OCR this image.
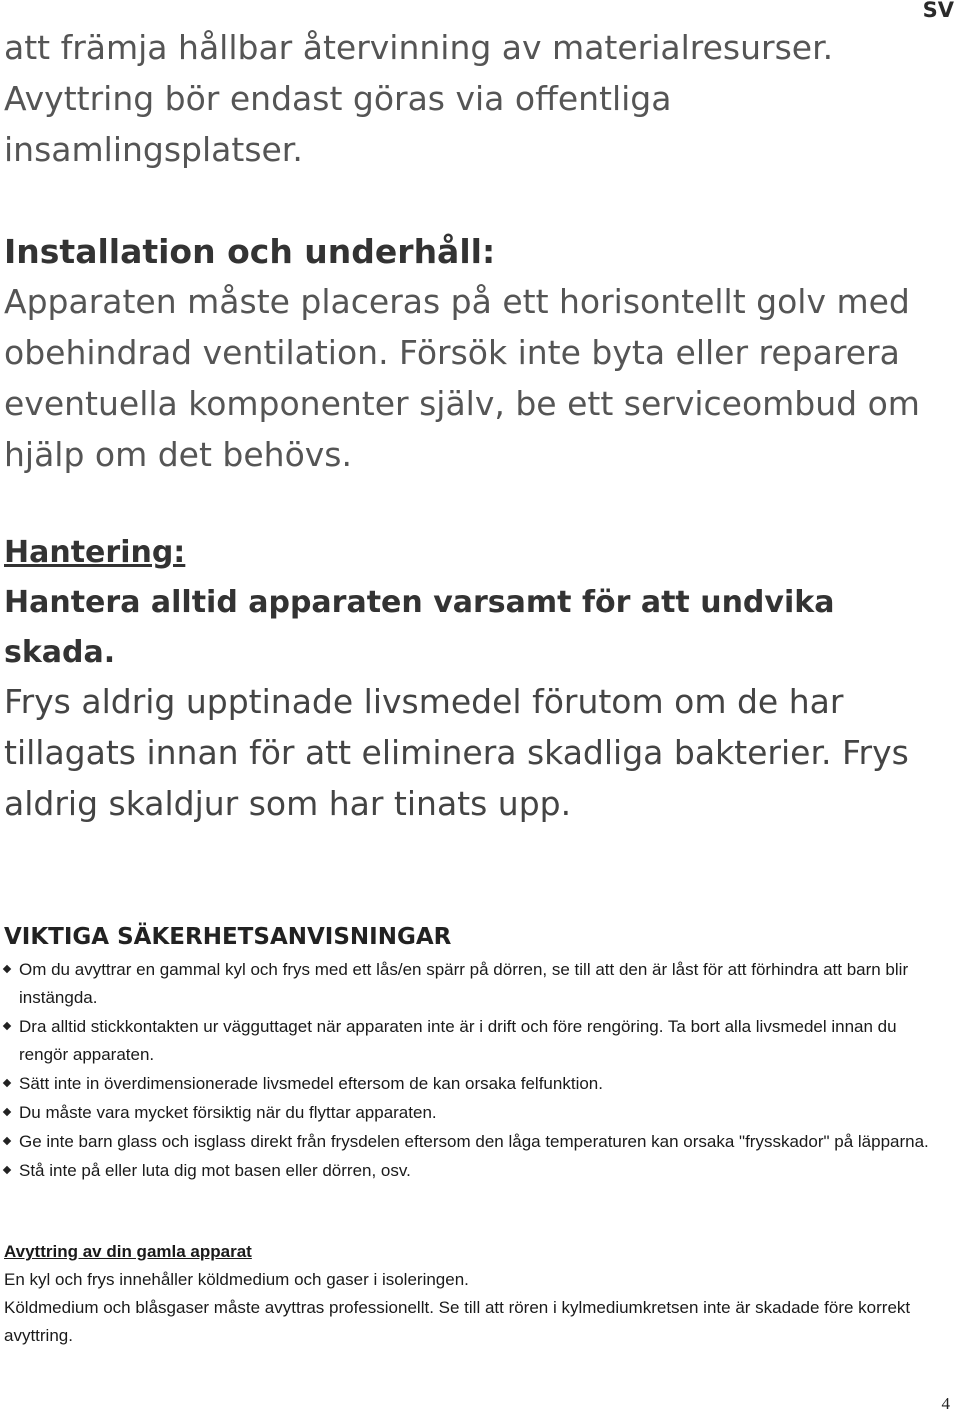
SV
att främja hållbar återvinning av materialresurser. Avyttring bör endast göras via offentliga insamlingsplatser.
Installation och underhåll:
Apparaten måste placeras på ett horisontellt golv med obehindrad ventilation. Försök inte byta eller reparera eventuella komponenter själv, be ett serviceombud om hjälp om det behövs.
Hantering:
Hantera alltid apparaten varsamt för att undvika skada.
Frys aldrig upptinade livsmedel förutom om de har tillagats innan för att eliminera skadliga bakterier. Frys aldrig skaldjur som har tinats upp.
VIKTIGA SÄKERHETSANVISNINGAR
Om du avyttrar en gammal kyl och frys med ett lås/en spärr på dörren, se till att den är låst för att förhindra att barn blir instängda.
Dra alltid stickkontakten ur vägguttaget när apparaten inte är i drift och före rengöring. Ta bort alla livsmedel innan du rengör apparaten.
Sätt inte in överdimensionerade livsmedel eftersom de kan orsaka felfunktion.
Du måste vara mycket försiktig när du flyttar apparaten.
Ge inte barn glass och isglass direkt från frysdelen eftersom den låga temperaturen kan orsaka "frysskador" på läpparna.
Stå inte på eller luta dig mot basen eller dörren, osv.
Avyttring av din gamla apparat
En kyl och frys innehåller köldmedium och gaser i isoleringen.
Köldmedium och blåsgaser måste avyttras professionellt. Se till att rören i kylmediumkretsen inte är skadade före korrekt avyttring.
4
